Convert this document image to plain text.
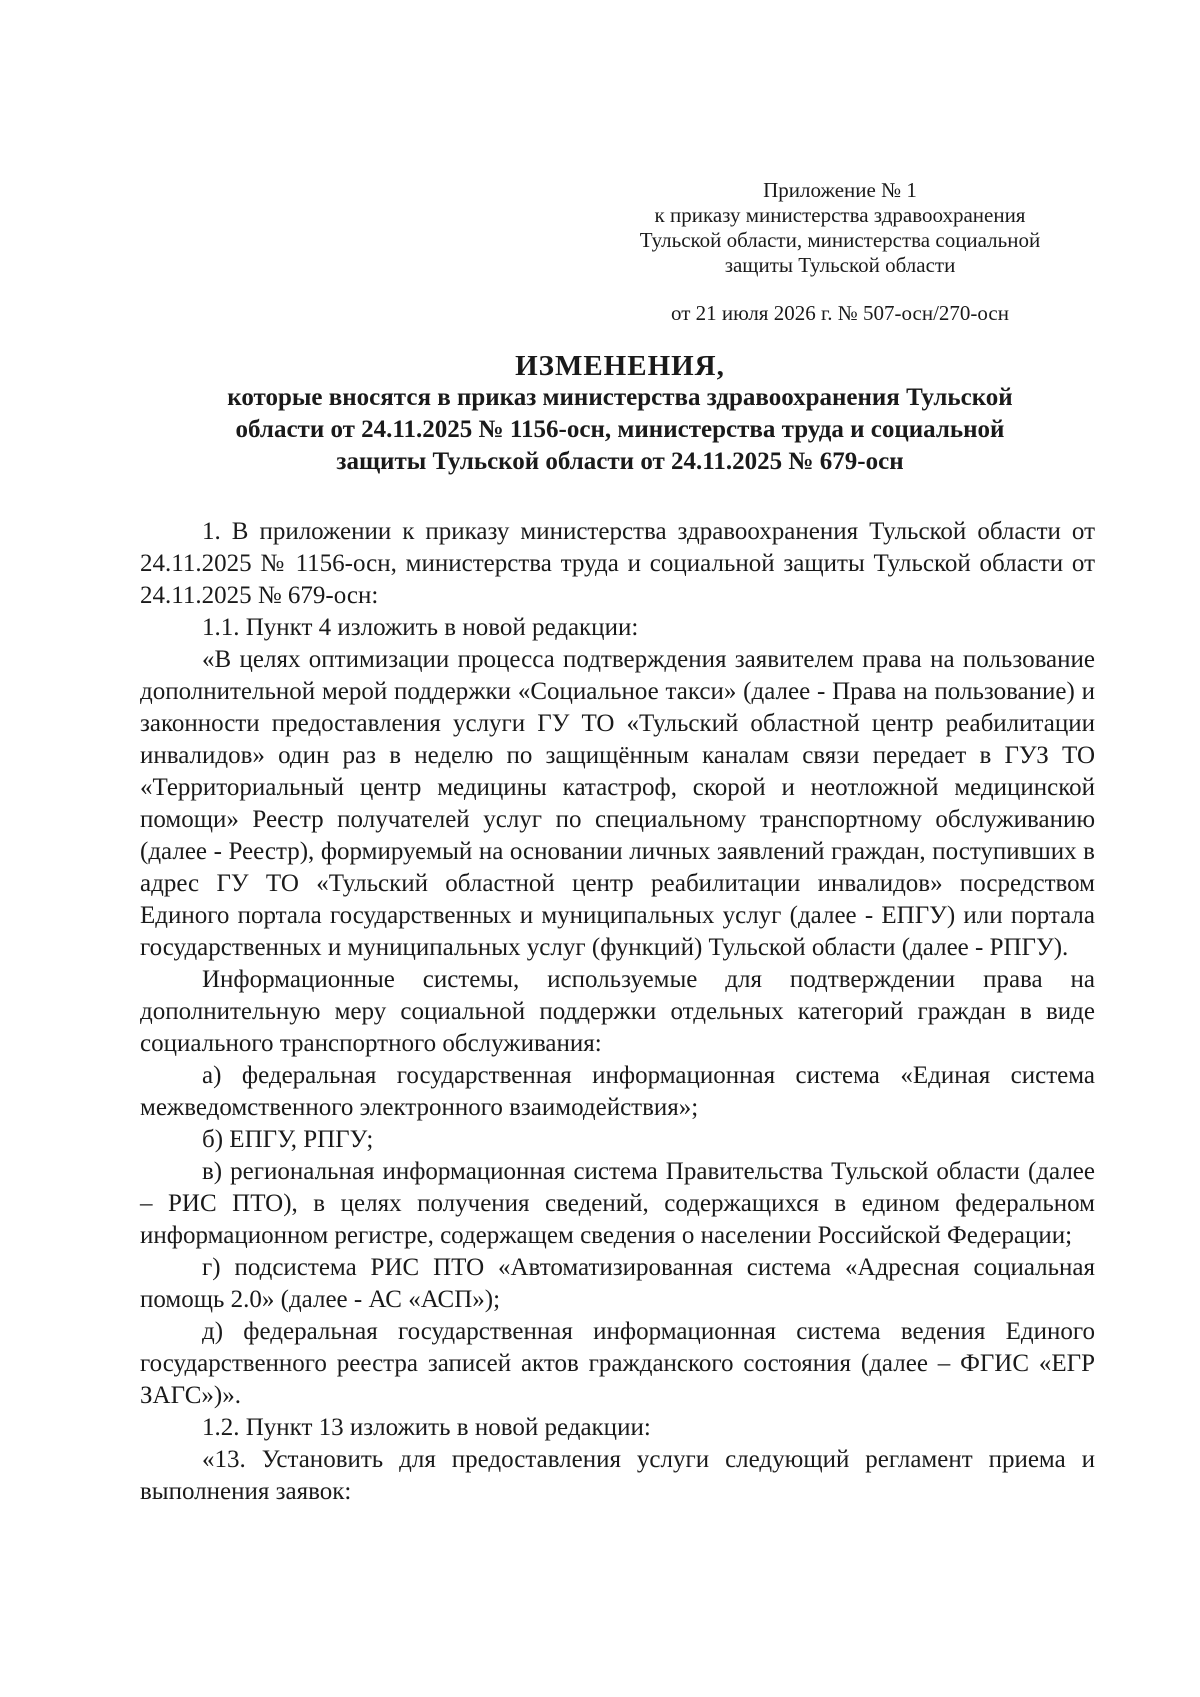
Приложение № 1
к приказу министерства здравоохранения
Тульской области, министерства социальной
защиты Тульской области
от 21 июля 2026 г. № 507-осн/270-осн
ИЗМЕНЕНИЯ,
которые вносятся в приказ министерства здравоохранения Тульской
области от 24.11.2025 № 1156-осн, министерства труда и социальной
защиты Тульской области от 24.11.2025 № 679-осн

1. В приложении к приказу министерства здравоохранения Тульской области от 24.11.2025 № 1156-осн, министерства труда и социальной защиты Тульской области от 24.11.2025 № 679-осн:

1.1. Пункт 4 изложить в новой редакции:

«В целях оптимизации процесса подтверждения заявителем права на пользование дополнительной мерой поддержки «Социальное такси» (далее - Права на пользование) и законности предоставления услуги ГУ ТО «Тульский областной центр реабилитации инвалидов» один раз в неделю по защищённым каналам связи передает в ГУЗ ТО «Территориальный центр медицины катастроф, скорой и неотложной медицинской помощи» Реестр получателей услуг по специальному транспортному обслуживанию (далее - Реестр), формируемый на основании личных заявлений граждан, поступивших в адрес ГУ ТО «Тульский областной центр реабилитации инвалидов» посредством Единого портала государственных и муниципальных услуг (далее - ЕПГУ) или портала государственных и муниципальных услуг (функций) Тульской области (далее - РПГУ).

Информационные системы, используемые для подтверждении права на дополнительную меру социальной поддержки отдельных категорий граждан в виде социального транспортного обслуживания:

а) федеральная государственная информационная система «Единая система межведомственного электронного взаимодействия»;

б) ЕПГУ, РПГУ;

в) региональная информационная система Правительства Тульской области (далее – РИС ПТО), в целях получения сведений, содержащихся в едином федеральном информационном регистре, содержащем сведения о населении Российской Федерации;

г) подсистема РИС ПТО «Автоматизированная система «Адресная социальная помощь 2.0» (далее - АС «АСП»);

д) федеральная государственная информационная система ведения Единого государственного реестра записей актов гражданского состояния (далее – ФГИС «ЕГР ЗАГС»)».

1.2. Пункт 13 изложить в новой редакции:

«13. Установить для предоставления услуги следующий регламент приема и выполнения заявок:
